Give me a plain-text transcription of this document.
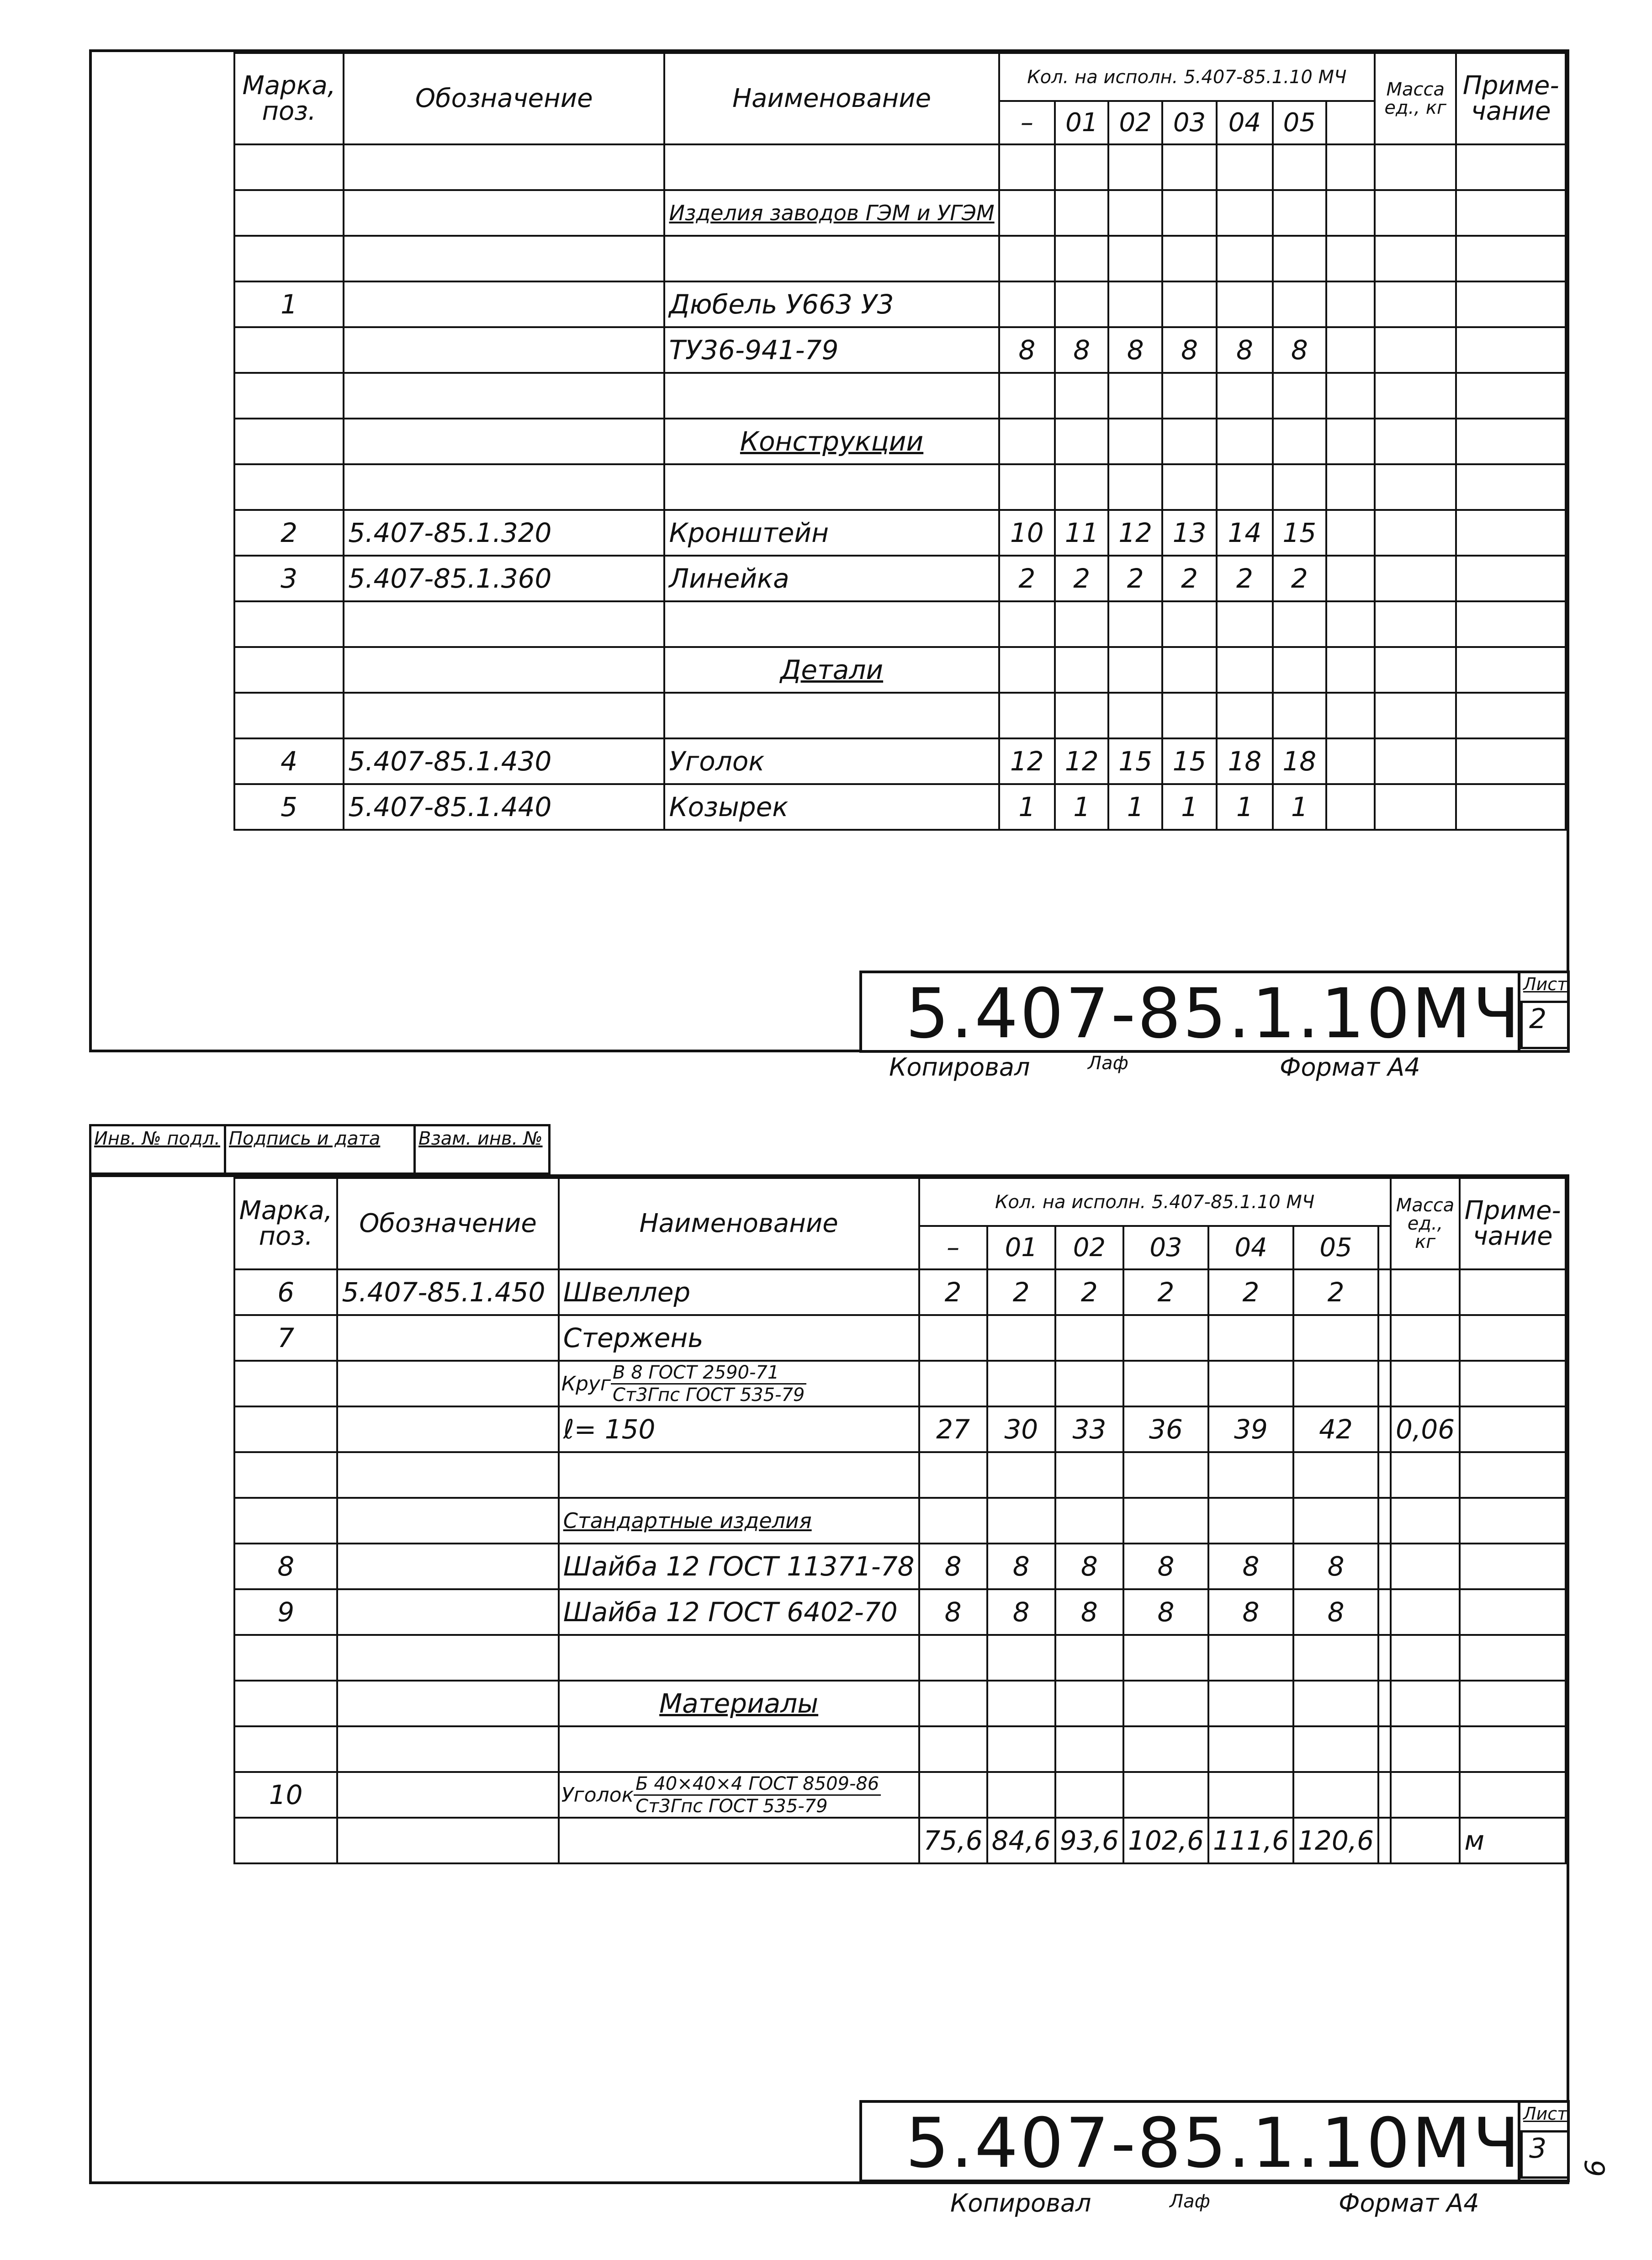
Марка, поз.	Обозначение	Наименование	Кол. на исполн. 5.407-85.1.10 МЧ							Масса ед., кг	Приме-чание
			–	01	02	03	04	05			

		Изделия заводов ГЭМ и УГЭМ									

1		Дюбель У663 У3									
		ТУ36-941-79	8	8	8	8	8	8			

		Конструкции									

2	5.407-85.1.320	Кронштейн	10	11	12	13	14	15			
3	5.407-85.1.360	Линейка	2	2	2	2	2	2			

		Детали									

4	5.407-85.1.430	Уголок	12	12	15	15	18	18			
5	5.407-85.1.440	Козырек	1	1	1	1	1	1			
5.407-85.1.10МЧ Лист
2
Копировал	Лаф	Формат А4
Инв. № подл. Подпись и дата	Взам. инв. №
Марка, поз.	Обозначение	Наименование	Кол. на исполн. 5.407-85.1.10 МЧ							Масса ед., кг	Приме-чание
			–	01	02	03	04	05			
6	5.407-85.1.450	Швеллер	2	2	2	2	2	2			
7		Стержень									
		Круг $\frac{\text{В 8 ГОСТ 2590-71}}{\text{Ст3Гпс ГОСТ 535-79}}$

		ℓ= 150	27	30	33	36	39	42		0,06	

		Стандартные изделия									
8		Шайба 12 ГОСТ 11371-78	8	8	8	8	8	8			
9		Шайба 12 ГОСТ 6402-70	8	8	8	8	8	8			

		Материалы									

10		Уголок $\frac{\text{Б 40×40×4 ГОСТ 8509-86}}{\text{Ст3Гпс ГОСТ 535-79}}$

			75,6	84,6	93,6	102,6	111,6	120,6			м
5.407-85.1.10МЧ Лист
3
Копировал	Лаф	Формат А4
9
